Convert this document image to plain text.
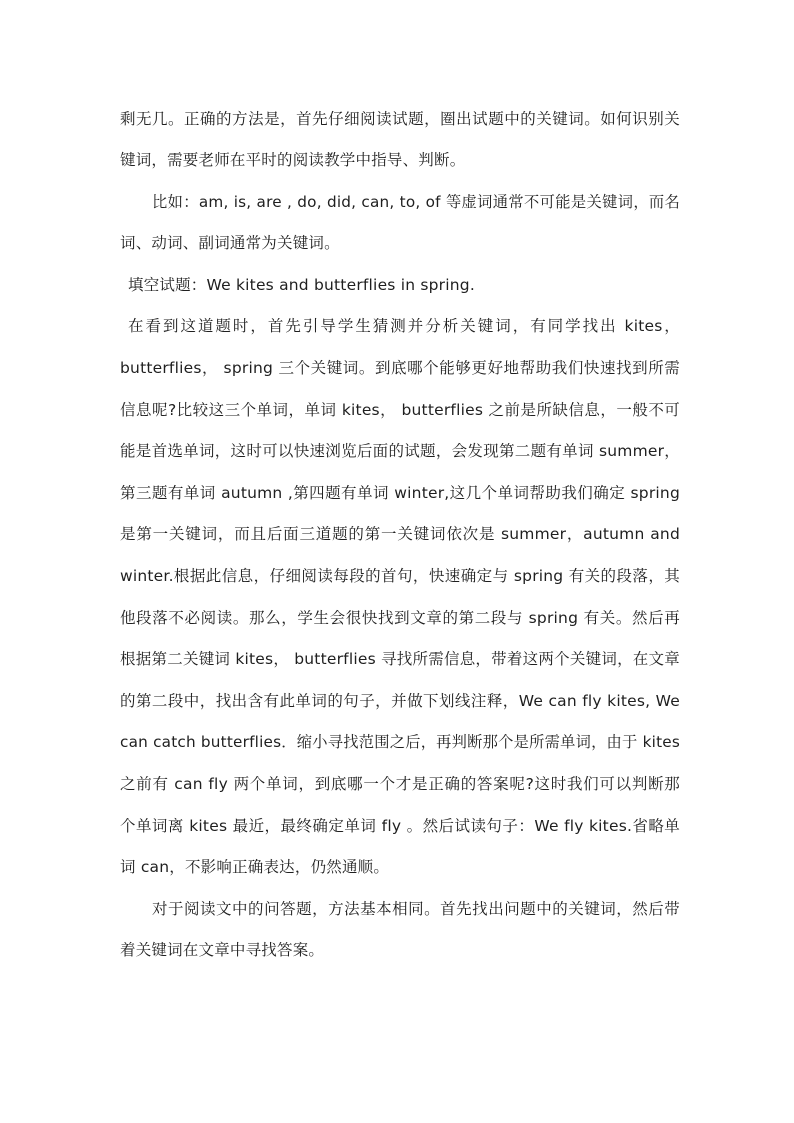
剩无几。正确的方法是，首先仔细阅读试题，圈出试题中的关键词。如何识别关
键词，需要老师在平时的阅读教学中指导、判断。
比如：am, is, are , do, did, can, to, of 等虚词通常不可能是关键词，而名
词、动词、副词通常为关键词。
填空试题：We kites and butterflies in spring.
在看到这道题时，首先引导学生猜测并分析关键词，有同学找出 kites，
butterflies， spring 三个关键词。到底哪个能够更好地帮助我们快速找到所需
信息呢?比较这三个单词，单词 kites， butterflies 之前是所缺信息，一般不可
能是首选单词，这时可以快速浏览后面的试题，会发现第二题有单词 summer，
第三题有单词 autumn ,第四题有单词 winter,这几个单词帮助我们确定 spring
是第一关键词，而且后面三道题的第一关键词依次是 summer，autumn and
winter.根据此信息，仔细阅读每段的首句，快速确定与 spring 有关的段落，其
他段落不必阅读。那么，学生会很快找到文章的第二段与 spring 有关。然后再
根据第二关键词 kites， butterflies 寻找所需信息，带着这两个关键词，在文章
的第二段中，找出含有此单词的句子，并做下划线注释，We can fly kites, We
can catch butterflies．缩小寻找范围之后，再判断那个是所需单词，由于 kites
之前有 can fly 两个单词，到底哪一个才是正确的答案呢?这时我们可以判断那
个单词离 kites 最近，最终确定单词 fly 。然后试读句子：We fly kites.省略单
词 can，不影响正确表达，仍然通顺。
对于阅读文中的问答题，方法基本相同。首先找出问题中的关键词，然后带
着关键词在文章中寻找答案。
